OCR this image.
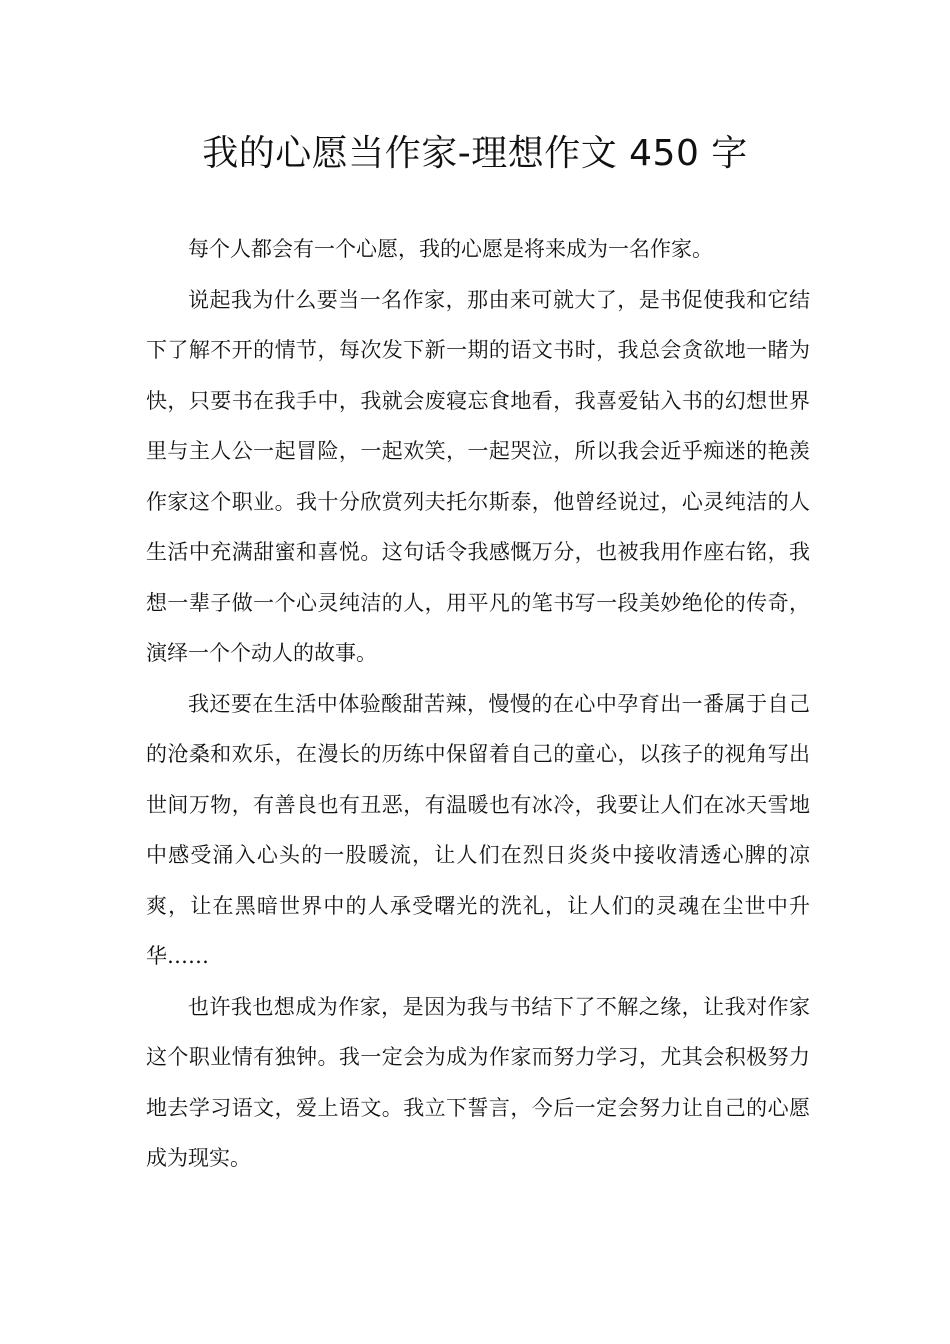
我的心愿当作家-理想作文 450 字

每个人都会有一个心愿，我的心愿是将来成为一名作家。

说起我为什么要当一名作家，那由来可就大了，是书促使我和它结下了解不开的情节，每次发下新一期的语文书时，我总会贪欲地一睹为快，只要书在我手中，我就会废寝忘食地看，我喜爱钻入书的幻想世界里与主人公一起冒险，一起欢笑，一起哭泣，所以我会近乎痴迷的艳羡作家这个职业。我十分欣赏列夫托尔斯泰，他曾经说过，心灵纯洁的人生活中充满甜蜜和喜悦。这句话令我感慨万分，也被我用作座右铭，我想一辈子做一个心灵纯洁的人，用平凡的笔书写一段美妙绝伦的传奇，演绎一个个动人的故事。

我还要在生活中体验酸甜苦辣，慢慢的在心中孕育出一番属于自己的沧桑和欢乐，在漫长的历练中保留着自己的童心，以孩子的视角写出世间万物，有善良也有丑恶，有温暖也有冰冷，我要让人们在冰天雪地中感受涌入心头的一股暖流，让人们在烈日炎炎中接收清透心脾的凉爽，让在黑暗世界中的人承受曙光的洗礼，让人们的灵魂在尘世中升华……

也许我也想成为作家，是因为我与书结下了不解之缘，让我对作家这个职业情有独钟。我一定会为成为作家而努力学习，尤其会积极努力地去学习语文，爱上语文。我立下誓言，今后一定会努力让自己的心愿成为现实。
